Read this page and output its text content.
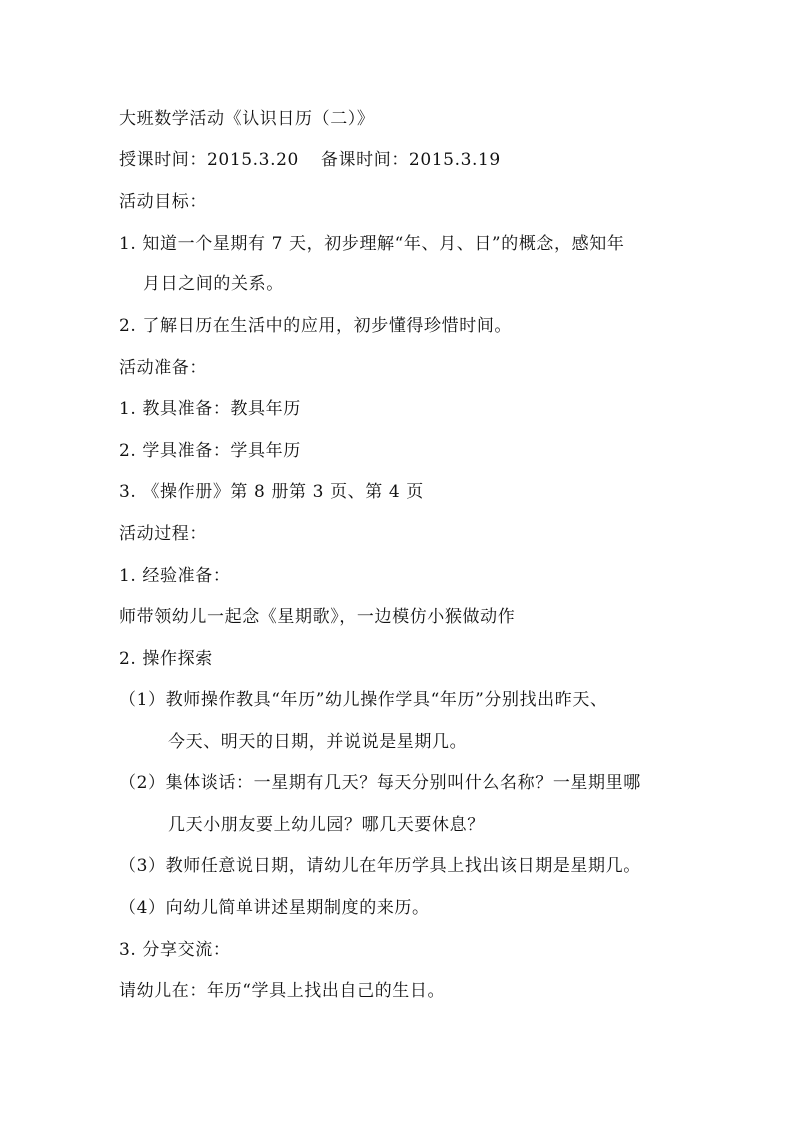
大班数学活动《认识日历（二）》
授课时间：2015.3.20 备课时间：2015.3.19
活动目标：
1. 知道一个星期有 7 天，初步理解“年、月、日”的概念，感知年
月日之间的关系。
2. 了解日历在生活中的应用，初步懂得珍惜时间。
活动准备：
1. 教具准备：教具年历
2. 学具准备：学具年历
3. 《操作册》第 8 册第 3 页、第 4 页
活动过程：
1. 经验准备：
师带领幼儿一起念《星期歌》，一边模仿小猴做动作
2. 操作探索
（1）教师操作教具“年历”幼儿操作学具“年历”分别找出昨天、
今天、明天的日期，并说说是星期几。
（2）集体谈话：一星期有几天？每天分别叫什么名称？一星期里哪
几天小朋友要上幼儿园？哪几天要休息？
（3）教师任意说日期，请幼儿在年历学具上找出该日期是星期几。
（4）向幼儿简单讲述星期制度的来历。
3. 分享交流：
请幼儿在：年历“学具上找出自己的生日。
